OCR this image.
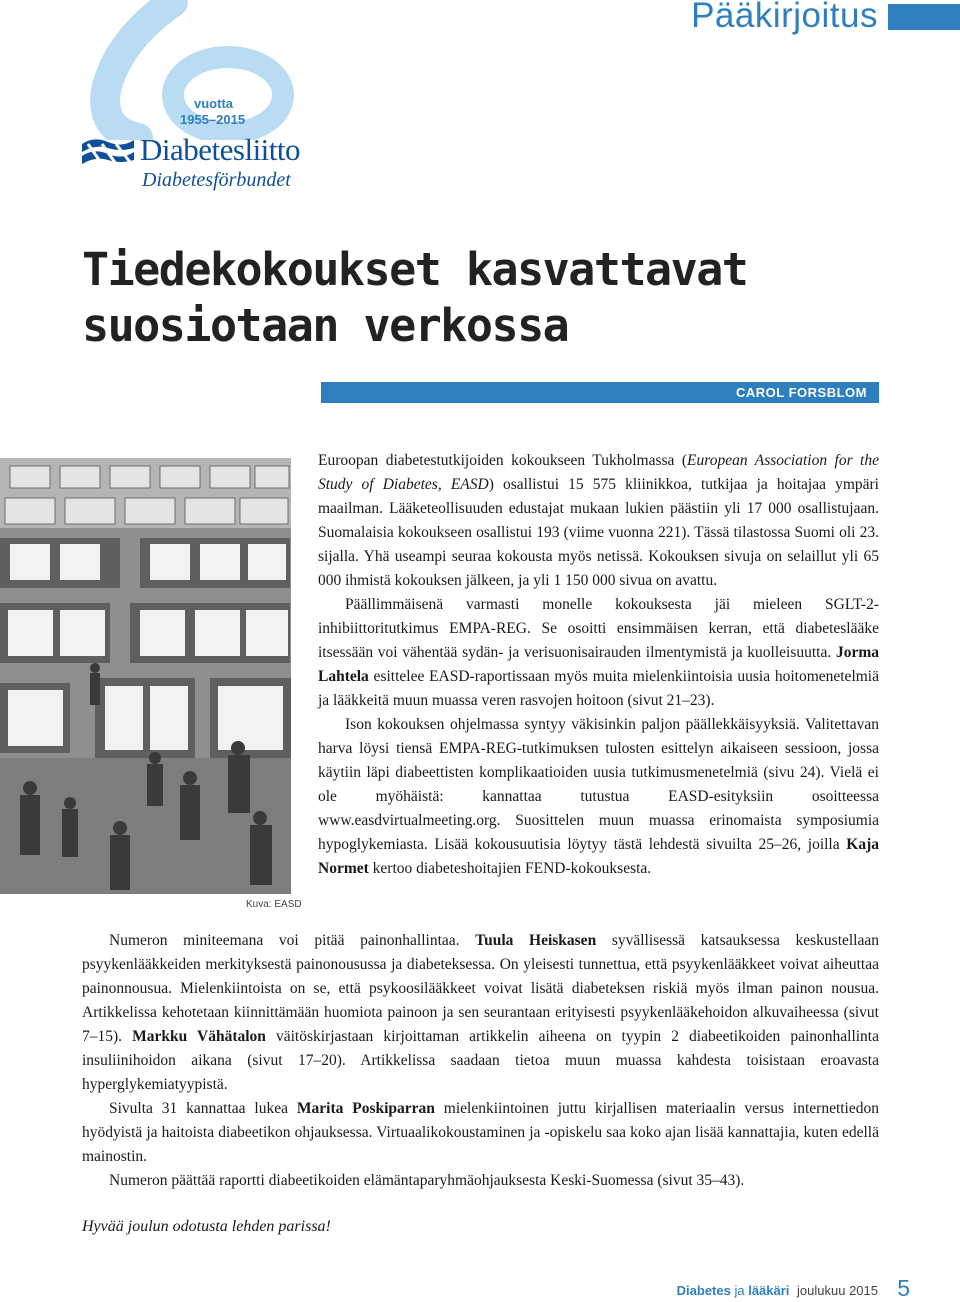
Pääkirjoitus
vuotta
1955–2015
Diabetesliitto
Diabetesförbundet
Tiedekokoukset kasvattavat
suosiotaan verkossa
CAROL FORSBLOM
Kuva: EASD

Euroopan diabetestutkijoiden kokoukseen Tukholmassa (European Association for the Study of Diabetes, EASD) osallistui 15 575 kliinikkoa, tutkijaa ja hoitajaa ympäri maailman. Lääketeollisuuden edustajat mukaan lukien päästiin yli 17 000 osallistujaan. Suomalaisia kokoukseen osallistui 193 (viime vuonna 221). Tässä tilastossa Suomi oli 23. sijalla. Yhä useampi seuraa kokousta myös netissä. Kokouksen sivuja on selaillut yli 65 000 ihmistä kokouksen jälkeen, ja yli 1 150 000 sivua on avattu.

Päällimmäisenä varmasti monelle kokouksesta jäi mieleen SGLT-2-inhibiittoritutkimus EMPA-REG. Se osoitti ensimmäisen kerran, että diabeteslääke itsessään voi vähentää sydän- ja verisuonisairauden ilmentymistä ja kuolleisuutta. Jorma Lahtela esittelee EASD-raportissaan myös muita mielenkiintoisia uusia hoitomenetelmiä ja lääkkeitä muun muassa veren rasvojen hoitoon (sivut 21–23).

Ison kokouksen ohjelmassa syntyy väkisinkin paljon päällekkäisyyksiä. Valitettavan harva löysi tiensä EMPA-REG-tutkimuksen tulosten esittelyn aikaiseen sessioon, jossa käytiin läpi diabeettisten komplikaatioiden uusia tutkimusmenetelmiä (sivu 24). Vielä ei ole myöhäistä: kannattaa tutustua EASD-esityksiin osoitteessa www.easdvirtualmeeting.org. Suosittelen muun muassa erinomaista symposiumia hypoglykemiasta. Lisää kokousuutisia löytyy tästä lehdestä sivuilta 25–26, joilla Kaja Normet kertoo diabeteshoitajien FEND-kokouksesta.

Numeron miniteemana voi pitää painonhallintaa. Tuula Heiskasen syvällisessä katsauksessa keskustellaan psyykenlääkkeiden merkityksestä painonousussa ja diabeteksessa. On yleisesti tunnettua, että psyykenlääkkeet voivat aiheuttaa painonnousua. Mielenkiintoista on se, että psykoosilääkkeet voivat lisätä diabeteksen riskiä myös ilman painon nousua. Artikkelissa kehotetaan kiinnittämään huomiota painoon ja sen seurantaan erityisesti psyykenlääkehoidon alkuvaiheessa (sivut 7–15). Markku Vähätalon väitöskirjastaan kirjoittaman artikkelin aiheena on tyypin 2 diabeetikoiden painonhallinta insuliinihoidon aikana (sivut 17–20). Artikkelissa saadaan tietoa muun muassa kahdesta toisistaan eroavasta hyperglykemiatyypistä.

Sivulta 31 kannattaa lukea Marita Poskiparran mielenkiintoinen juttu kirjallisen materiaalin versus internettiedon hyödyistä ja haitoista diabeetikon ohjauksessa. Virtuaalikokoustaminen ja -opiskelu saa koko ajan lisää kannattajia, kuten edellä mainostin.

Numeron päättää raportti diabeetikoiden elämäntaparyhmäohjauksesta Keski-Suomessa (sivut 35–43).

Hyvää joulun odotusta lehden parissa!
Diabetes ja lääkäri joulukuu 2015 5
